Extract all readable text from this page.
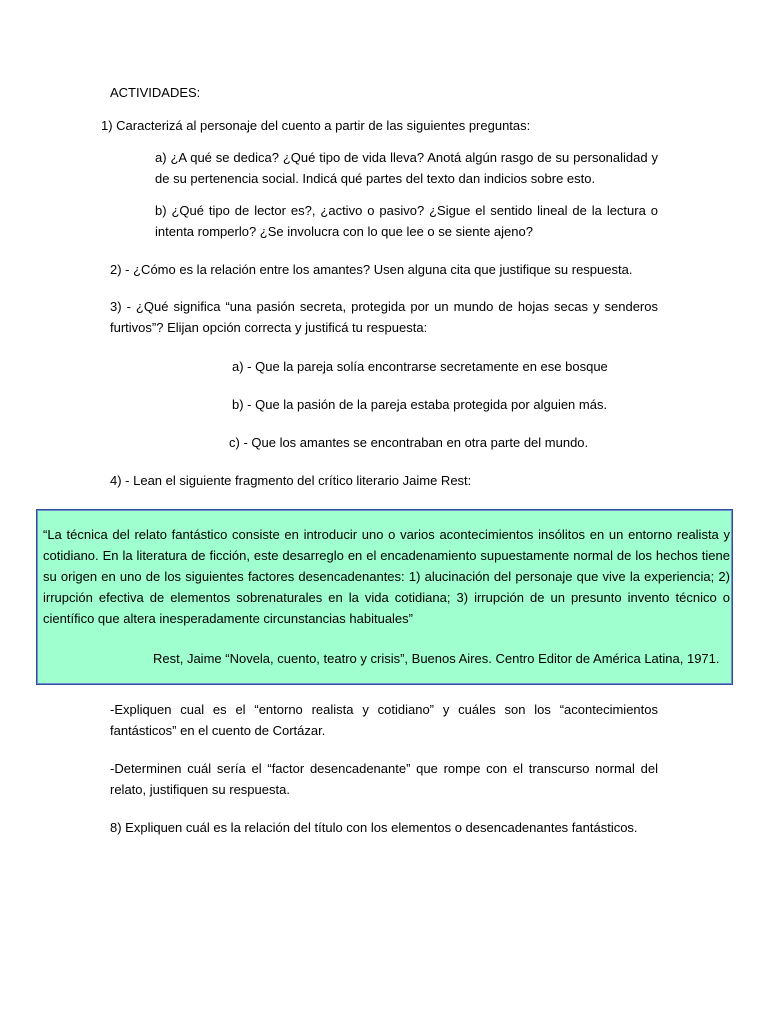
ACTIVIDADES:
1) Caracterizá al personaje del cuento a partir de las siguientes preguntas:
a) ¿A qué se dedica? ¿Qué tipo de vida lleva? Anotá algún rasgo de su personalidad y de su pertenencia social. Indicá qué partes del texto dan indicios sobre esto.
b) ¿Qué tipo de lector es?, ¿activo o pasivo? ¿Sigue el sentido lineal de la lectura o intenta romperlo? ¿Se involucra con lo que lee o se siente ajeno?
2) - ¿Cómo es la relación entre los amantes? Usen alguna cita que justifique su respuesta.
3) - ¿Qué significa “una pasión secreta, protegida por un mundo de hojas secas y senderos furtivos”? Elijan opción correcta y justificá tu respuesta:
a) - Que la pareja solía encontrarse secretamente en ese bosque
b) - Que la pasión de la pareja estaba protegida por alguien más.
c) - Que los amantes se encontraban en otra parte del mundo.
4) - Lean el siguiente fragmento del crítico literario Jaime Rest:
“La técnica del relato fantástico consiste en introducir uno o varios acontecimientos insólitos en un entorno realista y cotidiano. En la literatura de ficción, este desarreglo en el encadenamiento supuestamente normal de los hechos tiene su origen en uno de los siguientes factores desencadenantes: 1) alucinación del personaje que vive la experiencia; 2) irrupción efectiva de elementos sobrenaturales en la vida cotidiana; 3) irrupción de un presunto invento técnico o científico que altera inesperadamente circunstancias habituales”
Rest, Jaime “Novela, cuento, teatro y crisis”, Buenos Aires. Centro Editor de América Latina, 1971.
-Expliquen cual es el “entorno realista y cotidiano” y cuáles son los “acontecimientos fantásticos” en el cuento de Cortázar.
-Determinen cuál sería el “factor desencadenante” que rompe con el transcurso normal del relato, justifiquen su respuesta.
8) Expliquen cuál es la relación del título con los elementos o desencadenantes fantásticos.
